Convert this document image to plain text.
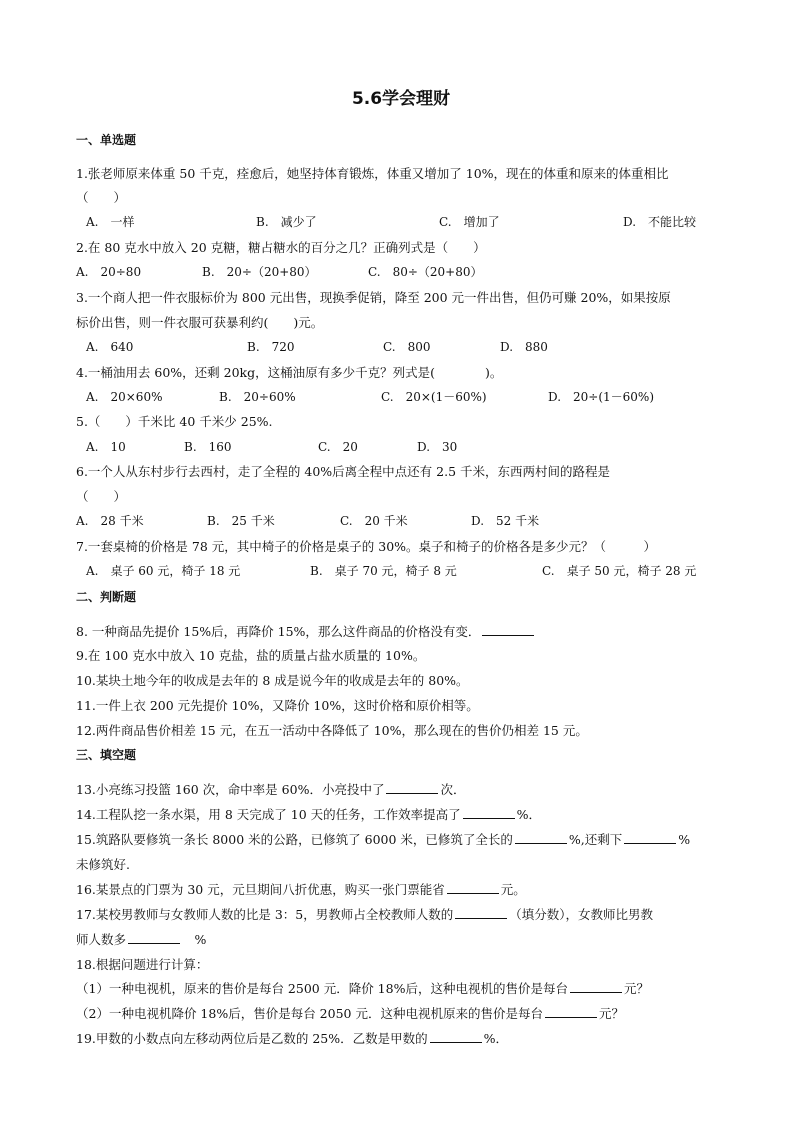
5.6学会理财
一、单选题
1.张老师原来体重 50 千克，痊愈后，她坚持体育锻炼，体重又增加了 10%，现在的体重和原来的体重相比
（　　）
A.　一样	B.　减少了	C.　增加了	D.　不能比较
2.在 80 克水中放入 20 克糖，糖占糖水的百分之几？正确列式是（　　）
A.　20÷80	B.　20÷（20+80）	C.　80÷（20+80）
3.一个商人把一件衣服标价为 800 元出售，现换季促销，降至 200 元一件出售，但仍可赚 20%，如果按原
标价出售，则一件衣服可获暴利约(　　)元。
A.　640	B.　720	C.　800	D.　880
4.一桶油用去 60%，还剩 20kg，这桶油原有多少千克？列式是(　　　　)。
A.　20×60%	B.　20÷60%	C.　20×(1－60%)	D.　20÷(1－60%)
5.（　　）千米比 40 千米少 25%.
A.　10	B.　160	C.　20	D.　30
6.一个人从东村步行去西村，走了全程的 40%后离全程中点还有 2.5 千米，东西两村间的路程是
（　　）
A.　28 千米	B.　25 千米	C.　20 千米	D.　52 千米
7.一套桌椅的价格是 78 元，其中椅子的价格是桌子的 30%。桌子和椅子的价格各是多少元？（　　　）
A.　桌子 60 元，椅子 18 元	B.　桌子 70 元，椅子 8 元	C.　桌子 50 元，椅子 28 元
二、判断题
8. 一种商品先提价 15%后，再降价 15%，那么这件商品的价格没有变．
9.在 100 克水中放入 10 克盐，盐的质量占盐水质量的 10%。
10.某块土地今年的收成是去年的 8 成是说今年的收成是去年的 80%。
11.一件上衣 200 元先提价 10%，又降价 10%，这时价格和原价相等。
12.两件商品售价相差 15 元，在五一活动中各降低了 10%，那么现在的售价仍相差 15 元。
三、填空题
13.小亮练习投篮 160 次，命中率是 60%．小亮投中了	次．
14.工程队挖一条水渠，用 8 天完成了 10 天的任务，工作效率提高了	%．
15.筑路队要修筑一条长 8000 米的公路，已修筑了 6000 米，已修筑了全长的	%,还剩下	%
未修筑好.
16.某景点的门票为 30 元，元旦期间八折优惠，购买一张门票能省	元。
17.某校男教师与女教师人数的比是 3：5，男教师占全校教师人数的	（填分数），女教师比男教
师人数多　	%
18.根据问题进行计算：
（1）一种电视机，原来的售价是每台 2500 元．降价 18%后，这种电视机的售价是每台	元？
（2）一种电视机降价 18%后，售价是每台 2050 元．这种电视机原来的售价是每台	元？
19.甲数的小数点向左移动两位后是乙数的 25%．乙数是甲数的	%．
